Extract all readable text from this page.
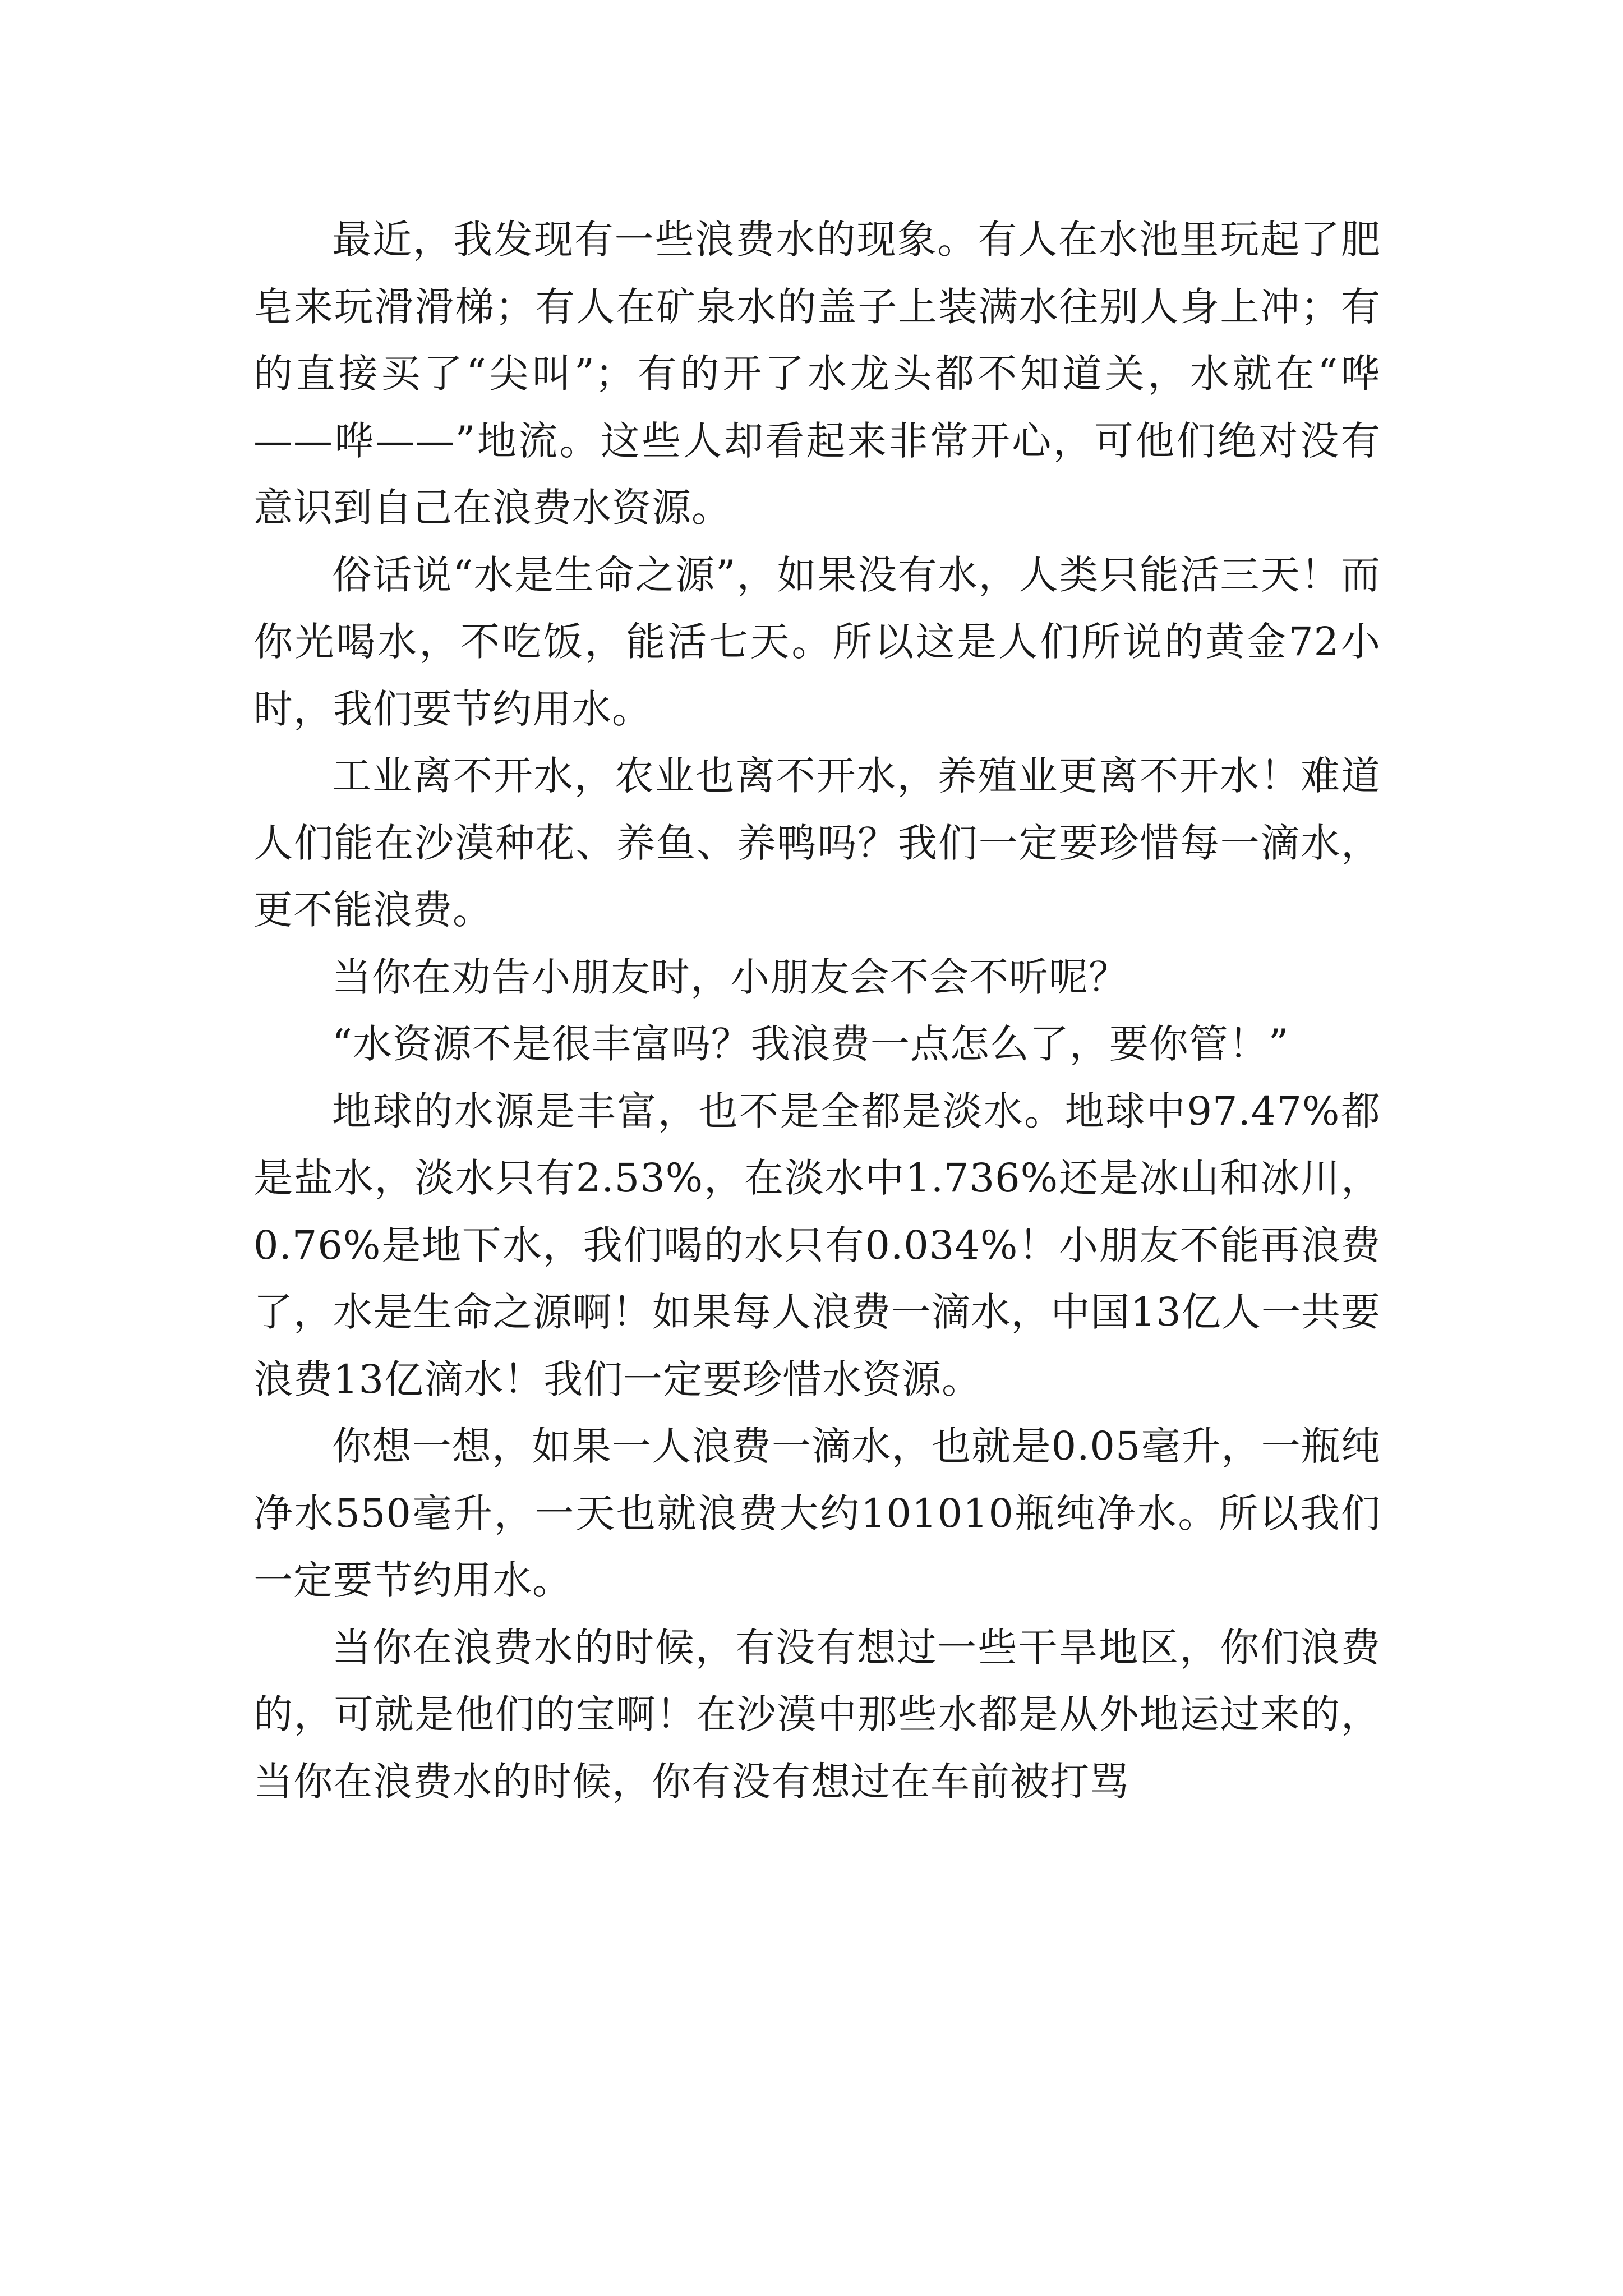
最近，我发现有一些浪费水的现象。有人在水池里玩起了肥皂来玩滑滑梯；有人在矿泉水的盖子上装满水往别人身上冲；有的直接买了“尖叫”；有的开了水龙头都不知道关，水就在“哗——哗——”地流。这些人却看起来非常开心，可他们绝对没有意识到自己在浪费水资源。

俗话说“水是生命之源”，如果没有水，人类只能活三天！而你光喝水，不吃饭，能活七天。所以这是人们所说的黄金72小时，我们要节约用水。

工业离不开水，农业也离不开水，养殖业更离不开水！难道人们能在沙漠种花、养鱼、养鸭吗？我们一定要珍惜每一滴水，更不能浪费。

当你在劝告小朋友时，小朋友会不会不听呢？

“水资源不是很丰富吗？我浪费一点怎么了，要你管！”

地球的水源是丰富，也不是全都是淡水。地球中97.47%都是盐水，淡水只有2.53%，在淡水中1.736%还是冰山和冰川，0.76%是地下水，我们喝的水只有0.034%！小朋友不能再浪费了，水是生命之源啊！如果每人浪费一滴水，中国13亿人一共要浪费13亿滴水！我们一定要珍惜水资源。

你想一想，如果一人浪费一滴水，也就是0.05毫升，一瓶纯净水550毫升，一天也就浪费大约101010瓶纯净水。所以我们一定要节约用水。

当你在浪费水的时候，有没有想过一些干旱地区，你们浪费的，可就是他们的宝啊！在沙漠中那些水都是从外地运过来的，当你在浪费水的时候，你有没有想过在车前被打骂
